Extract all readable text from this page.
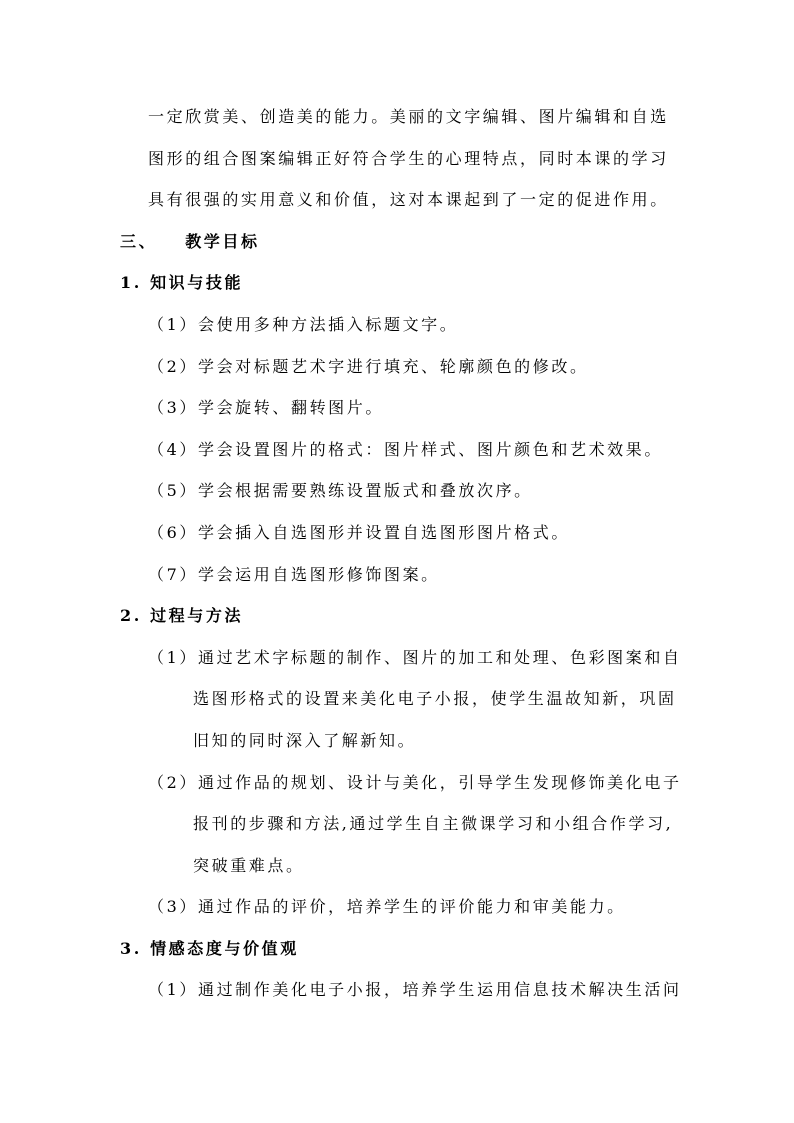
一定欣赏美、创造美的能力。美丽的文字编辑、图片编辑和自选
图形的组合图案编辑正好符合学生的心理特点，同时本课的学习
具有很强的实用意义和价值，这对本课起到了一定的促进作用。
三、 教学目标
1. 知识与技能
（1）会使用多种方法插入标题文字。
（2）学会对标题艺术字进行填充、轮廓颜色的修改。
（3）学会旋转、翻转图片。
（4）学会设置图片的格式：图片样式、图片颜色和艺术效果。
（5）学会根据需要熟练设置版式和叠放次序。
（6）学会插入自选图形并设置自选图形图片格式。
（7）学会运用自选图形修饰图案。
2. 过程与方法
（1）通过艺术字标题的制作、图片的加工和处理、色彩图案和自
选图形格式的设置来美化电子小报，使学生温故知新，巩固
旧知的同时深入了解新知。
（2）通过作品的规划、设计与美化，引导学生发现修饰美化电子
报刊的步骤和方法,通过学生自主微课学习和小组合作学习,
突破重难点。
（3）通过作品的评价，培养学生的评价能力和审美能力。
3. 情感态度与价值观
（1）通过制作美化电子小报，培养学生运用信息技术解决生活问
